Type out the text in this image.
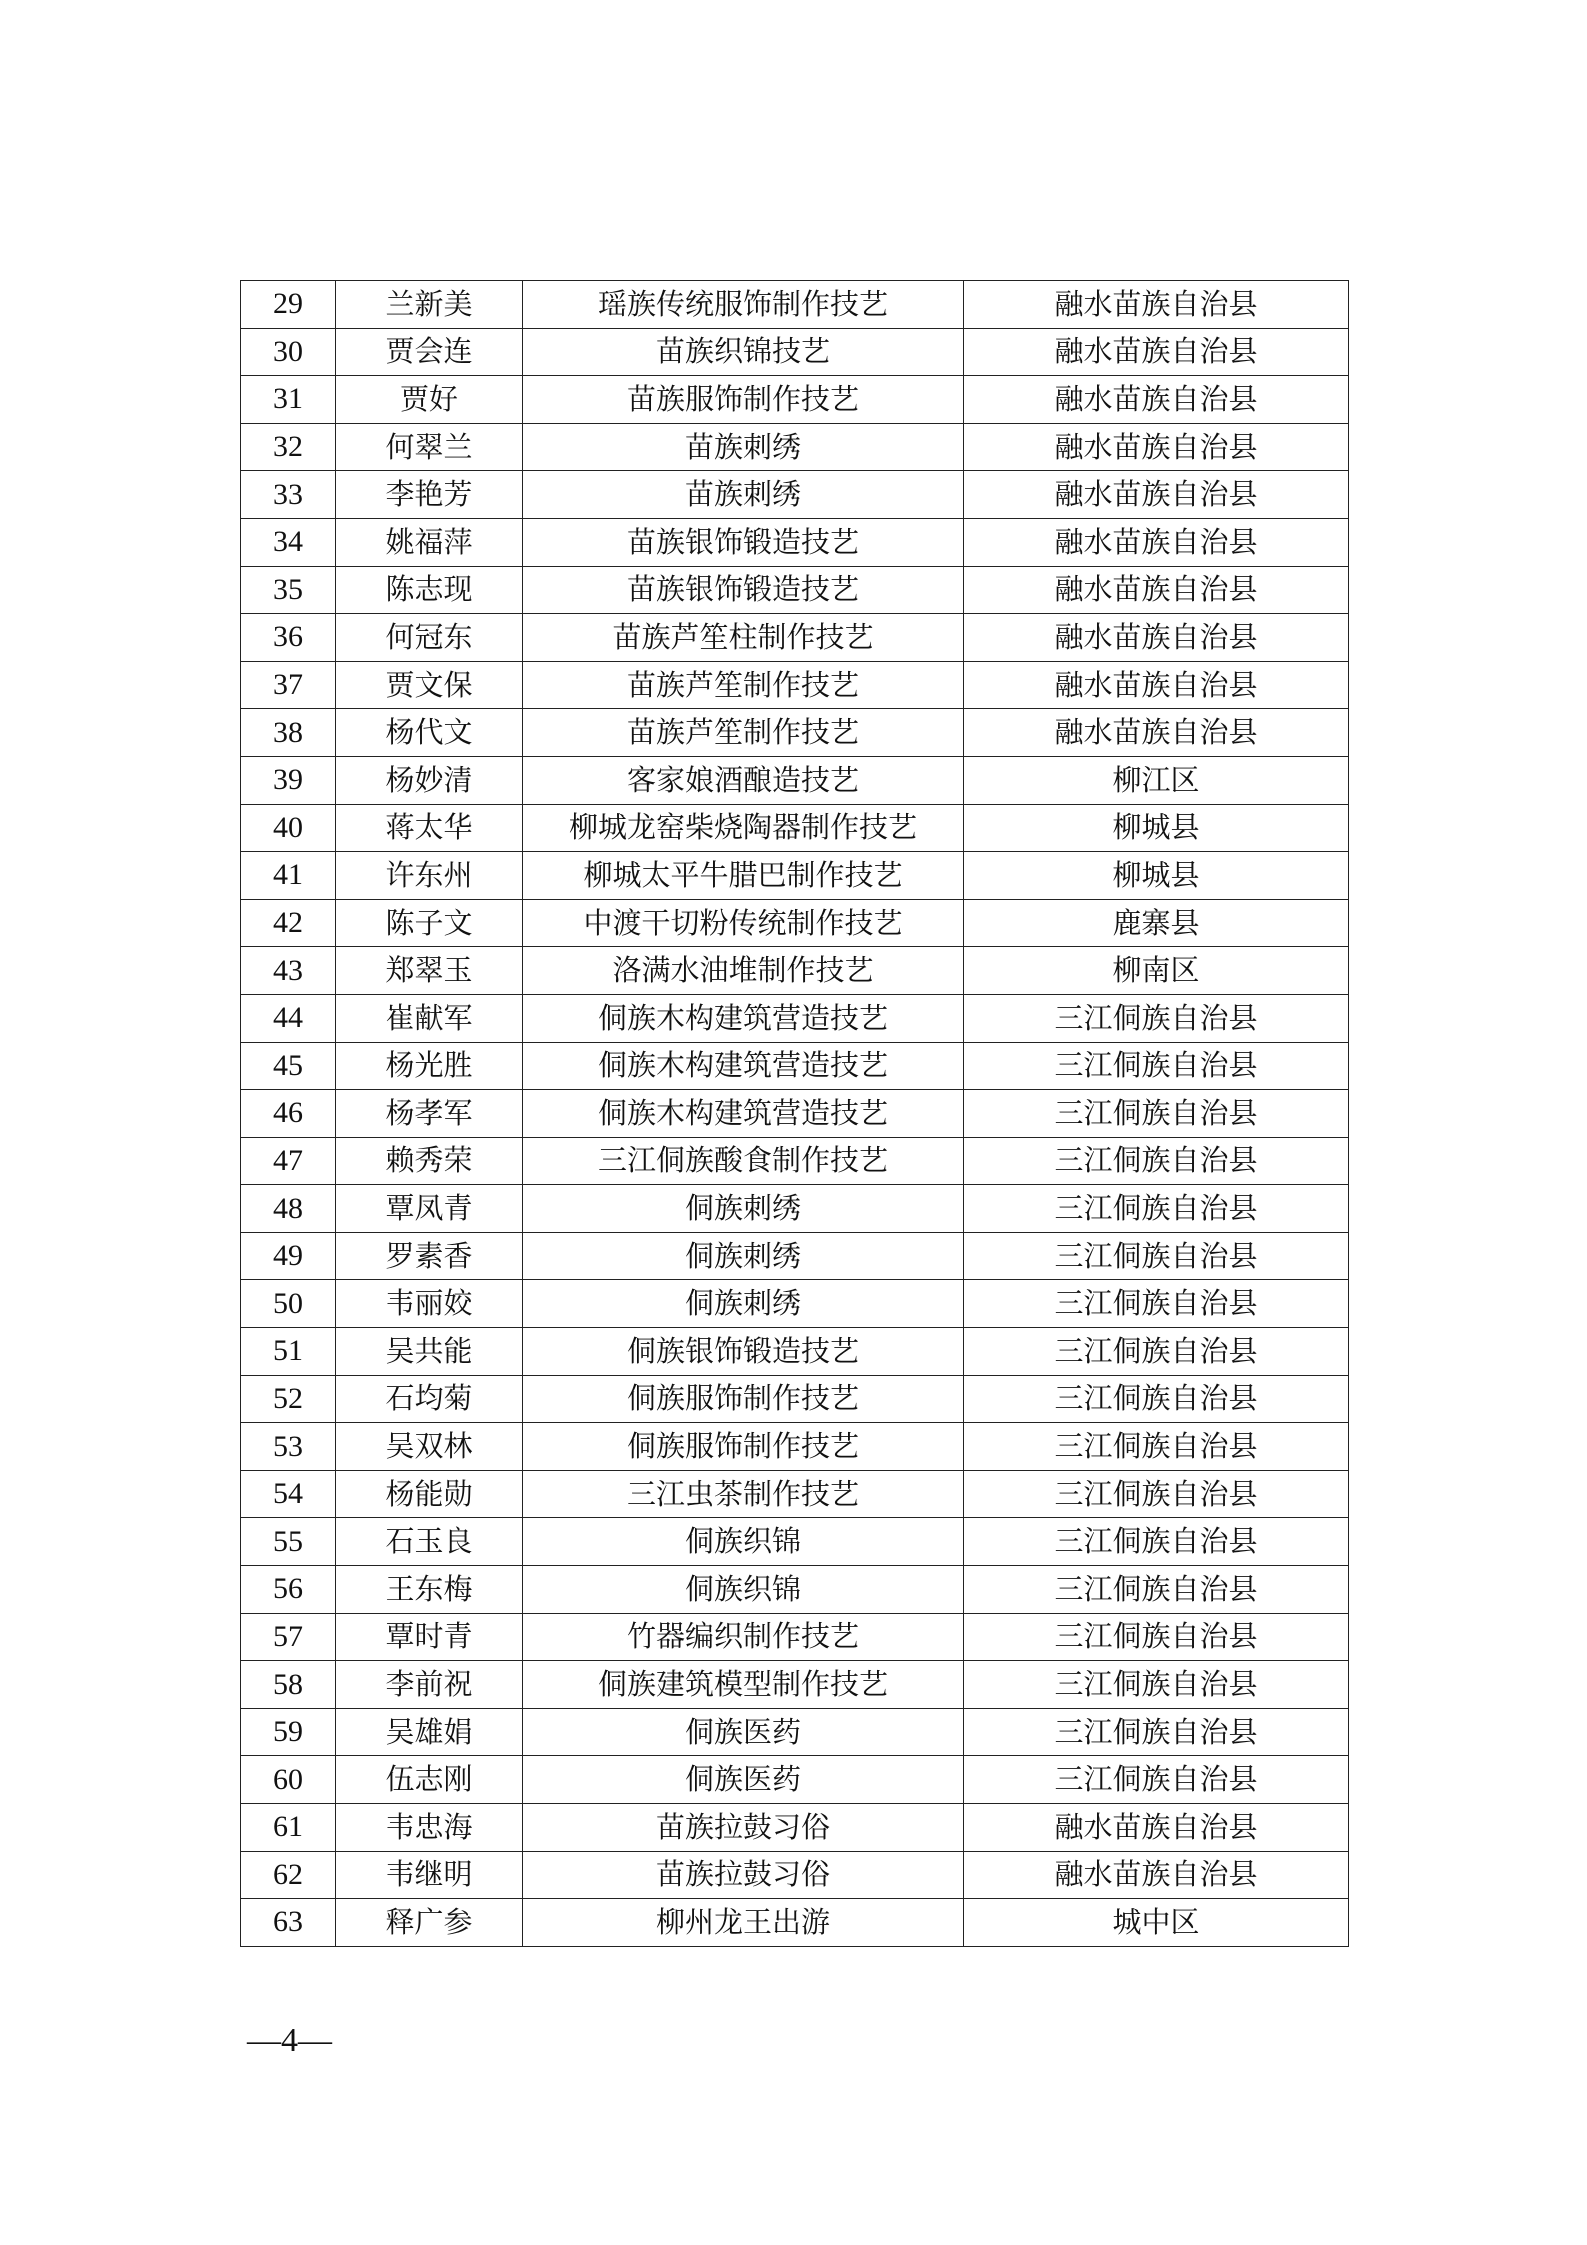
29	兰新美	瑶族传统服饰制作技艺	融水苗族自治县
30	贾会连	苗族织锦技艺	融水苗族自治县
31	贾好	苗族服饰制作技艺	融水苗族自治县
32	何翠兰	苗族刺绣	融水苗族自治县
33	李艳芳	苗族刺绣	融水苗族自治县
34	姚福萍	苗族银饰锻造技艺	融水苗族自治县
35	陈志现	苗族银饰锻造技艺	融水苗族自治县
36	何冠东	苗族芦笙柱制作技艺	融水苗族自治县
37	贾文保	苗族芦笙制作技艺	融水苗族自治县
38	杨代文	苗族芦笙制作技艺	融水苗族自治县
39	杨妙清	客家娘酒酿造技艺	柳江区
40	蒋太华	柳城龙窑柴烧陶器制作技艺	柳城县
41	许东州	柳城太平牛腊巴制作技艺	柳城县
42	陈子文	中渡干切粉传统制作技艺	鹿寨县
43	郑翠玉	洛满水油堆制作技艺	柳南区
44	崔献军	侗族木构建筑营造技艺	三江侗族自治县
45	杨光胜	侗族木构建筑营造技艺	三江侗族自治县
46	杨孝军	侗族木构建筑营造技艺	三江侗族自治县
47	赖秀荣	三江侗族酸食制作技艺	三江侗族自治县
48	覃凤青	侗族刺绣	三江侗族自治县
49	罗素香	侗族刺绣	三江侗族自治县
50	韦丽姣	侗族刺绣	三江侗族自治县
51	吴共能	侗族银饰锻造技艺	三江侗族自治县
52	石均菊	侗族服饰制作技艺	三江侗族自治县
53	吴双林	侗族服饰制作技艺	三江侗族自治县
54	杨能勋	三江虫茶制作技艺	三江侗族自治县
55	石玉良	侗族织锦	三江侗族自治县
56	王东梅	侗族织锦	三江侗族自治县
57	覃时青	竹器编织制作技艺	三江侗族自治县
58	李前祝	侗族建筑模型制作技艺	三江侗族自治县
59	吴雄娟	侗族医药	三江侗族自治县
60	伍志刚	侗族医药	三江侗族自治县
61	韦忠海	苗族拉鼓习俗	融水苗族自治县
62	韦继明	苗族拉鼓习俗	融水苗族自治县
63	释广参	柳州龙王出游	城中区
—4—
